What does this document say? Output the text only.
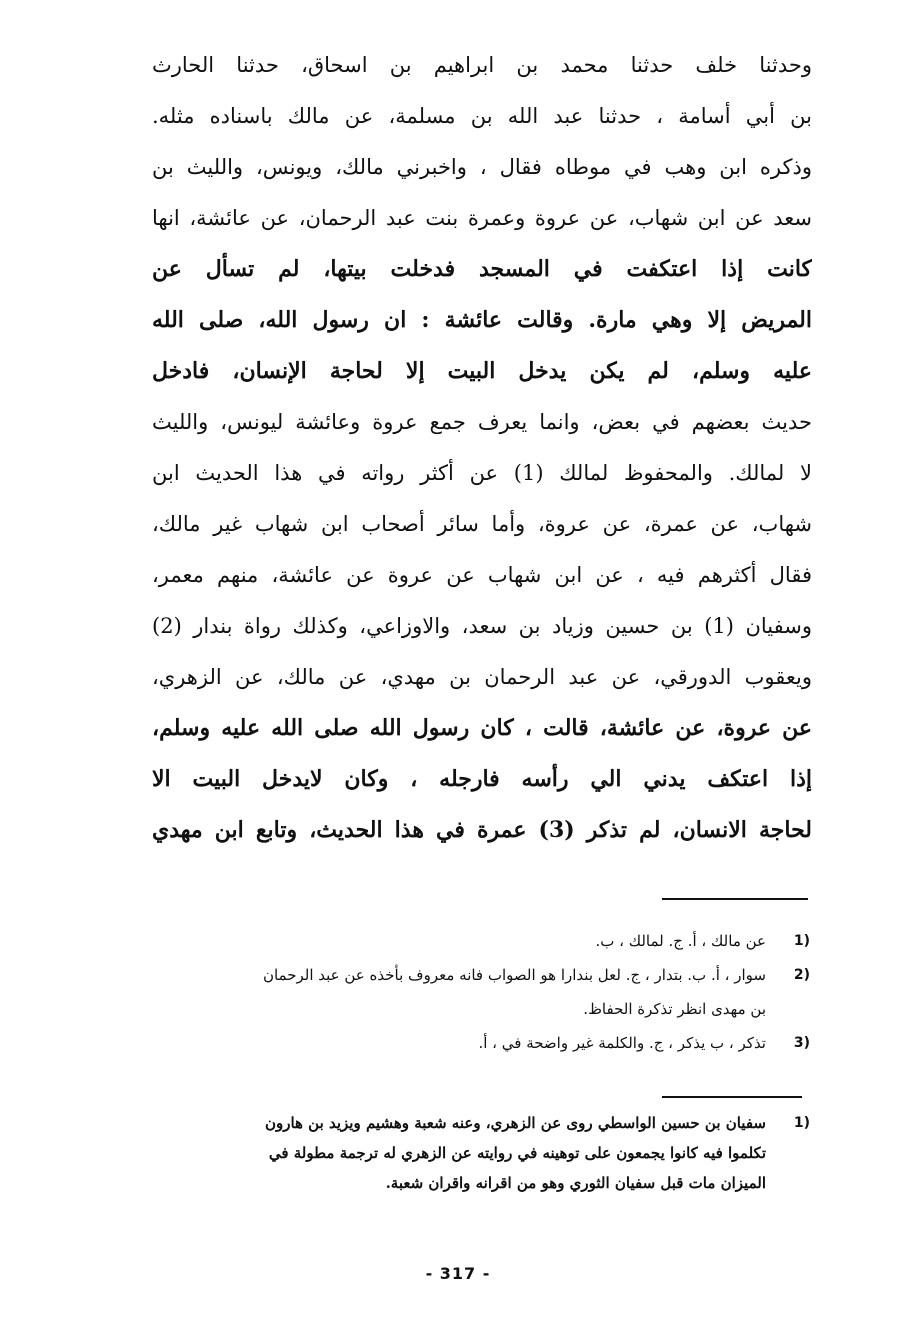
وحدثنا خلف حدثنا محمد بن ابراهيم بن اسحاق، حدثنا الحارث
بن أبي أسامة ، حدثنا عبد الله بن مسلمة، عن مالك باسناده مثله.
وذكره ابن وهب في موطاه فقال ، واخبرني مالك، ويونس، والليث بن
سعد عن ابن شهاب، عن عروة وعمرة بنت عبد الرحمان، عن عائشة، انها
كانت إذا اعتكفت في المسجد فدخلت بيتها، لم تسأل عن
المريض إلا وهي مارة. وقالت عائشة : ان رسول الله، صلى الله
عليه وسلم، لم يكن يدخل البيت إلا لحاجة الإنسان، فادخل
حديث بعضهم في بعض، وانما يعرف جمع عروة وعائشة ليونس، والليث
لا لمالك. والمحفوظ لمالك (1) عن أكثر رواته في هذا الحديث ابن
شهاب، عن عمرة، عن عروة، وأما سائر أصحاب ابن شهاب غير مالك،
فقال أكثرهم فيه ، عن ابن شهاب عن عروة عن عائشة، منهم معمر،
وسفيان (1) بن حسين وزياد بن سعد، والاوزاعي، وكذلك رواة بندار (2)
ويعقوب الدورقي، عن عبد الرحمان بن مهدي، عن مالك، عن الزهري،
عن عروة، عن عائشة، قالت ، كان رسول الله صلى الله عليه وسلم،
إذا اعتكف يدني الي رأسه فارجله ، وكان لايدخل البيت الا
لحاجة الانسان، لم تذكر (3) عمرة في هذا الحديث، وتابع ابن مهدي
(1
عن مالك ، أ. ج. لمالك ، ب.
(2
سوار ، أ. ب. بتدار ، ج. لعل بندارا هو الصواب فانه معروف بأخذه عن عبد الرحمان
بن مهدى انظر تذكرة الحفاظ.
(3
تذكر ، ب يذكر ، ج. والكلمة غير واضحة في ، أ.
(1
سفيان بن حسين الواسطي روى عن الزهري، وعنه شعبة وهشيم ويزيد بن هارون
تكلموا فيه كانوا يجمعون على توهينه في روايته عن الزهري له ترجمة مطولة في
الميزان مات قبل سفيان الثوري وهو من اقرانه واقران شعبة.
- 317 -
